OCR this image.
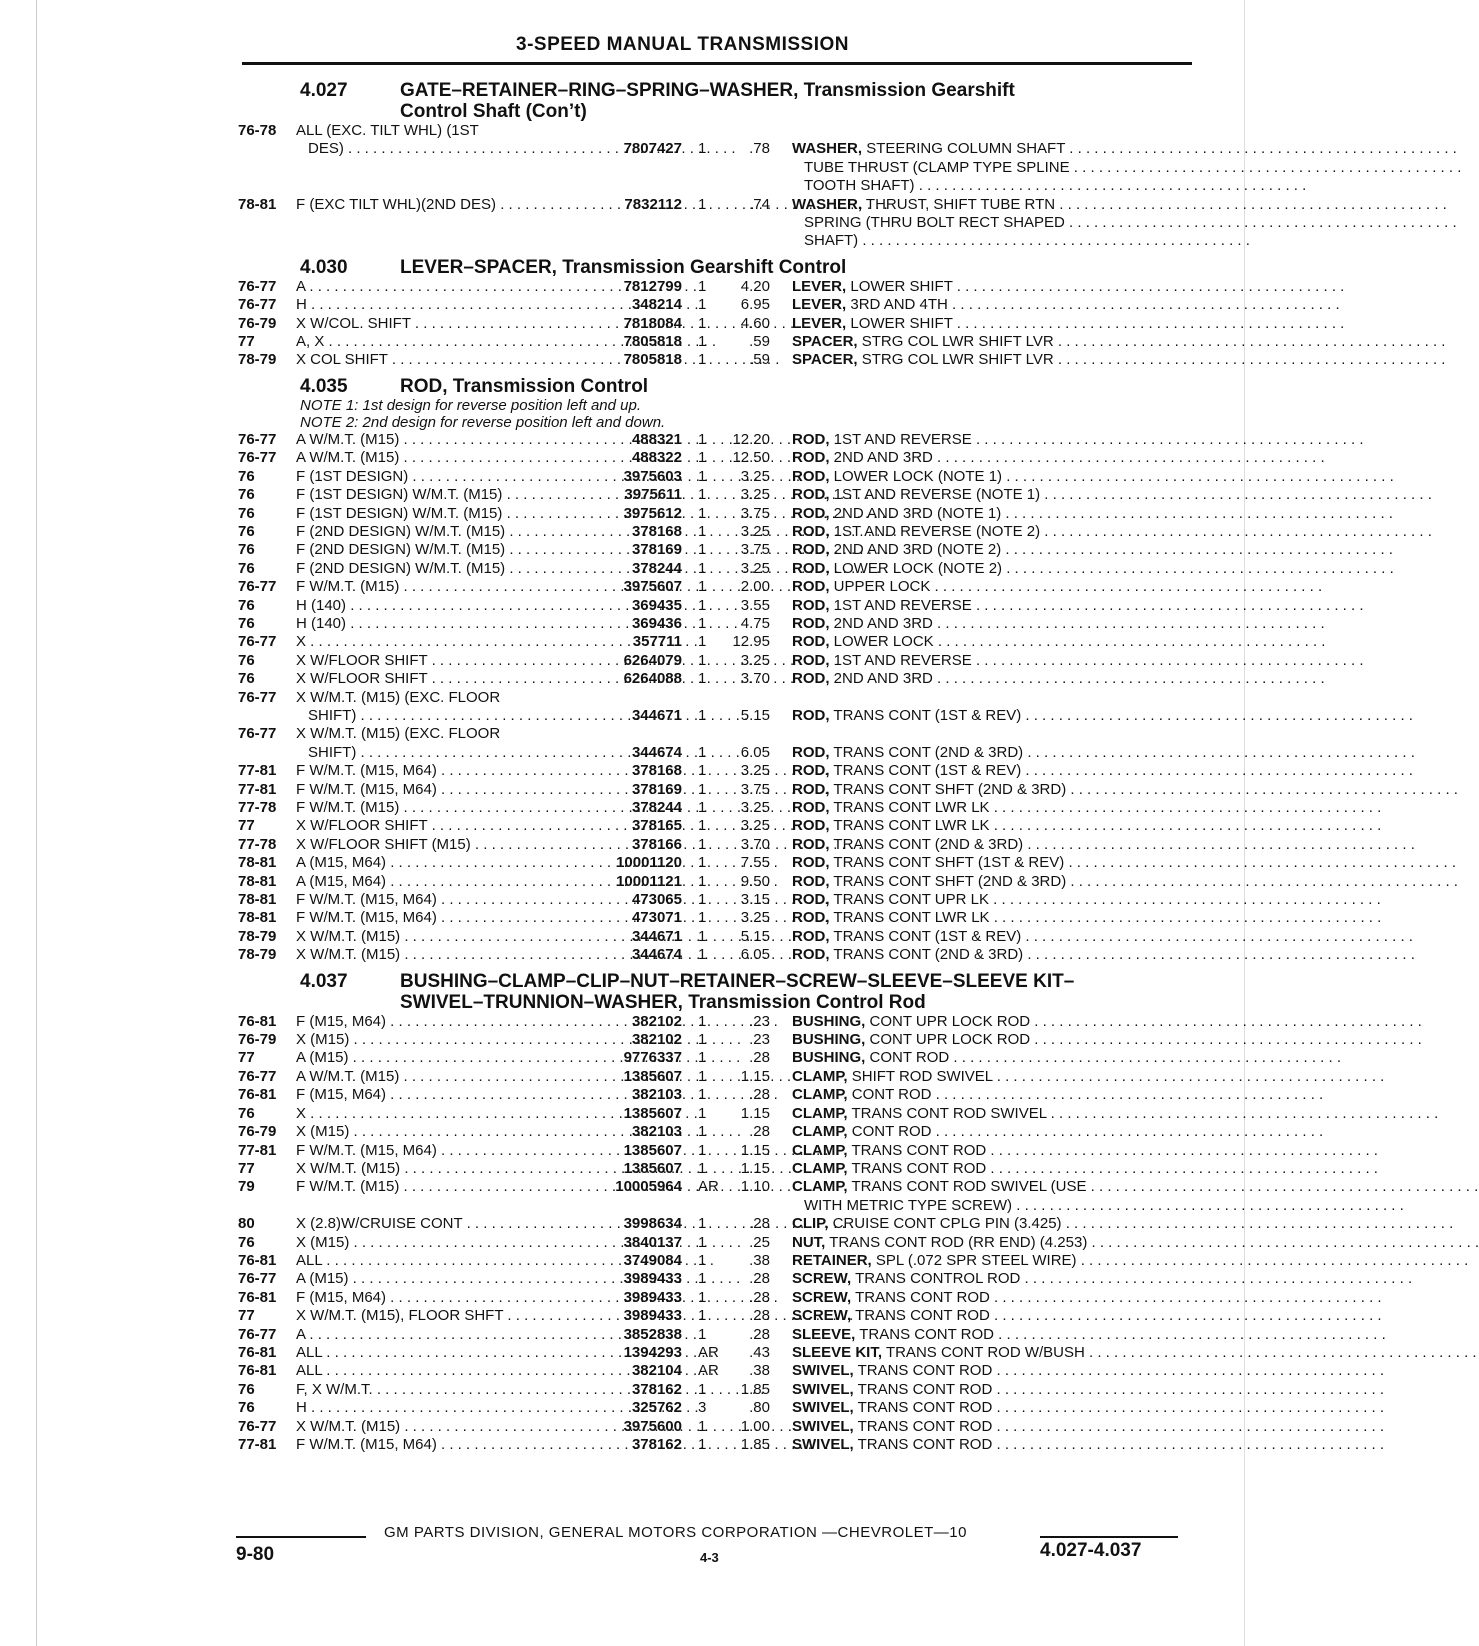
3-SPEED MANUAL TRANSMISSION
4.027	GATE–RETAINER–RING–SPRING–WASHER, Transmission Gearshift
Control Shaft (Con’t)
76-78	ALL (EXC. TILT WHL) (1ST
DES) . . .	7807427	1	.78	WASHER, STEERING COLUMN SHAFT . . .
TUBE THRUST (CLAMP TYPE SPLINE . . .
TOOTH SHAFT) . . .
78-81	F (EXC TILT WHL)(2ND DES) . . .	7832112	1	.74	WASHER, THRUST, SHIFT TUBE RTN . . .
SPRING (THRU BOLT RECT SHAPED . . .
SHAFT) . . .
4.030	LEVER–SPACER, Transmission Gearshift Control
76-77	A . . .	7812799	1	4.20	LEVER, LOWER SHIFT . . .
76-77	H . . .	348214	1	6.95	LEVER, 3RD AND 4TH . . .
76-79	X W/COL. SHIFT . . .	7818084	1	4.60	LEVER, LOWER SHIFT . . .
77	A, X . . .	7805818	1	.59	SPACER, STRG COL LWR SHIFT LVR . . .
78-79	X COL SHIFT . . .	7805818	1	.59	SPACER, STRG COL LWR SHIFT LVR . . .
4.035	ROD, Transmission Control
NOTE 1: 1st design for reverse position left and up.
NOTE 2: 2nd design for reverse position left and down.
76-77	A W/M.T. (M15) . . .	488321	1	12.20	ROD, 1ST AND REVERSE . . .
76-77	A W/M.T. (M15) . . .	488322	1	12.50	ROD, 2ND AND 3RD . . .
76	F (1ST DESIGN) . . .	3975603	1	3.25	ROD, LOWER LOCK (NOTE 1) . . .
76	F (1ST DESIGN) W/M.T. (M15) . . .	3975611	1	3.25	ROD, 1ST AND REVERSE (NOTE 1) . . .
76	F (1ST DESIGN) W/M.T. (M15) . . .	3975612	1	3.75	ROD, 2ND AND 3RD (NOTE 1) . . .
76	F (2ND DESIGN) W/M.T. (M15) . . .	378168	1	3.25	ROD, 1ST AND REVERSE (NOTE 2) . . .
76	F (2ND DESIGN) W/M.T. (M15) . . .	378169	1	3.75	ROD, 2ND AND 3RD (NOTE 2) . . .
76	F (2ND DESIGN) W/M.T. (M15) . . .	378244	1	3.25	ROD, LOWER LOCK (NOTE 2) . . .
76-77	F W/M.T. (M15) . . .	3975607	1	2.00	ROD, UPPER LOCK . . .
76	H (140) . . .	369435	1	3.55	ROD, 1ST AND REVERSE . . .
76	H (140) . . .	369436	1	4.75	ROD, 2ND AND 3RD . . .
76-77	X . . .	357711	1	12.95	ROD, LOWER LOCK . . .
76	X W/FLOOR SHIFT . . .	6264079	1	3.25	ROD, 1ST AND REVERSE . . .
76	X W/FLOOR SHIFT . . .	6264088	1	3.70	ROD, 2ND AND 3RD . . .
76-77	X W/M.T. (M15) (EXC. FLOOR
SHIFT) . . .	344671	1	5.15	ROD, TRANS CONT (1ST & REV) . . .
76-77	X W/M.T. (M15) (EXC. FLOOR
SHIFT) . . .	344674	1	6.05	ROD, TRANS CONT (2ND & 3RD) . . .
77-81	F W/M.T. (M15, M64) . . .	378168	1	3.25	ROD, TRANS CONT (1ST & REV) . . .
77-81	F W/M.T. (M15, M64) . . .	378169	1	3.75	ROD, TRANS CONT SHFT (2ND & 3RD) . . .
77-78	F W/M.T. (M15) . . .	378244	1	3.25	ROD, TRANS CONT LWR LK . . .
77	X W/FLOOR SHIFT . . .	378165	1	3.25	ROD, TRANS CONT LWR LK . . .
77-78	X W/FLOOR SHIFT (M15) . . .	378166	1	3.70	ROD, TRANS CONT (2ND & 3RD) . . .
78-81	A (M15, M64) . . .	10001120	1	7.55	ROD, TRANS CONT SHFT (1ST & REV) . . .
78-81	A (M15, M64) . . .	10001121	1	9.50	ROD, TRANS CONT SHFT (2ND & 3RD) . . .
78-81	F W/M.T. (M15, M64) . . .	473065	1	3.15	ROD, TRANS CONT UPR LK . . .
78-81	F W/M.T. (M15, M64) . . .	473071	1	3.25	ROD, TRANS CONT LWR LK . . .
78-79	X W/M.T. (M15) . . .	344671	1	5.15	ROD, TRANS CONT (1ST & REV) . . .
78-79	X W/M.T. (M15) . . .	344674	1	6.05	ROD, TRANS CONT (2ND & 3RD) . . .
4.037	BUSHING–CLAMP–CLIP–NUT–RETAINER–SCREW–SLEEVE–SLEEVE KIT–
SWIVEL–TRUNNION–WASHER, Transmission Control Rod
76-81	F (M15, M64) . . .	382102	1	.23	BUSHING, CONT UPR LOCK ROD . . .
76-79	X (M15) . . .	382102	1	.23	BUSHING, CONT UPR LOCK ROD . . .
77	A (M15) . . .	9776337	1	.28	BUSHING, CONT ROD . . .
76-77	A W/M.T. (M15) . . .	1385607	1	1.15	CLAMP, SHIFT ROD SWIVEL . . .
76-81	F (M15, M64) . . .	382103	1	.28	CLAMP, CONT ROD . . .
76	X . . .	1385607	1	1.15	CLAMP, TRANS CONT ROD SWIVEL . . .
76-79	X (M15) . . .	382103	1	.28	CLAMP, CONT ROD . . .
77-81	F W/M.T. (M15, M64) . . .	1385607	1	1.15	CLAMP, TRANS CONT ROD . . .
77	X W/M.T. (M15) . . .	1385607	1	1.15	CLAMP, TRANS CONT ROD . . .
79	F W/M.T. (M15) . . .	10005964	AR	1.10	CLAMP, TRANS CONT ROD SWIVEL (USE . . .
WITH METRIC TYPE SCREW) . . .
80	X (2.8)W/CRUISE CONT . . .	3998634	1	.28	CLIP, CRUISE CONT CPLG PIN (3.425) . . .
76	X (M15) . . .	3840137	1	.25	NUT, TRANS CONT ROD (RR END) (4.253) . . .
76-81	ALL . . .	3749084	1	.38	RETAINER, SPL (.072 SPR STEEL WIRE) . . .
76-77	A (M15) . . .	3989433	1	.28	SCREW, TRANS CONTROL ROD . . .
76-81	F (M15, M64) . . .	3989433	1	.28	SCREW, TRANS CONT ROD . . .
77	X W/M.T. (M15), FLOOR SHFT . . . .	3989433	1	.28	SCREW, TRANS CONT ROD . . .
76-77	A . . .	3852838	1	.28	SLEEVE, TRANS CONT ROD . . .
76-81	ALL . . .	1394293	AR	.43	SLEEVE KIT, TRANS CONT ROD W/BUSH . . .
76-81	ALL . . .	382104	AR	.38	SWIVEL, TRANS CONT ROD . . .
76	F, X W/M.T. . . .	378162	1	1.85	SWIVEL, TRANS CONT ROD . . .
76	H . . .	325762	3	.80	SWIVEL, TRANS CONT ROD . . .
76-77	X W/M.T. (M15) . . .	3975600	1	1.00	SWIVEL, TRANS CONT ROD . . .
77-81	F W/M.T. (M15, M64) . . .	378162	1	1.85	SWIVEL, TRANS CONT ROD . . .
GM PARTS DIVISION, GENERAL MOTORS CORPORATION —CHEVROLET—10
9-80	4-3	4.027-4.037
